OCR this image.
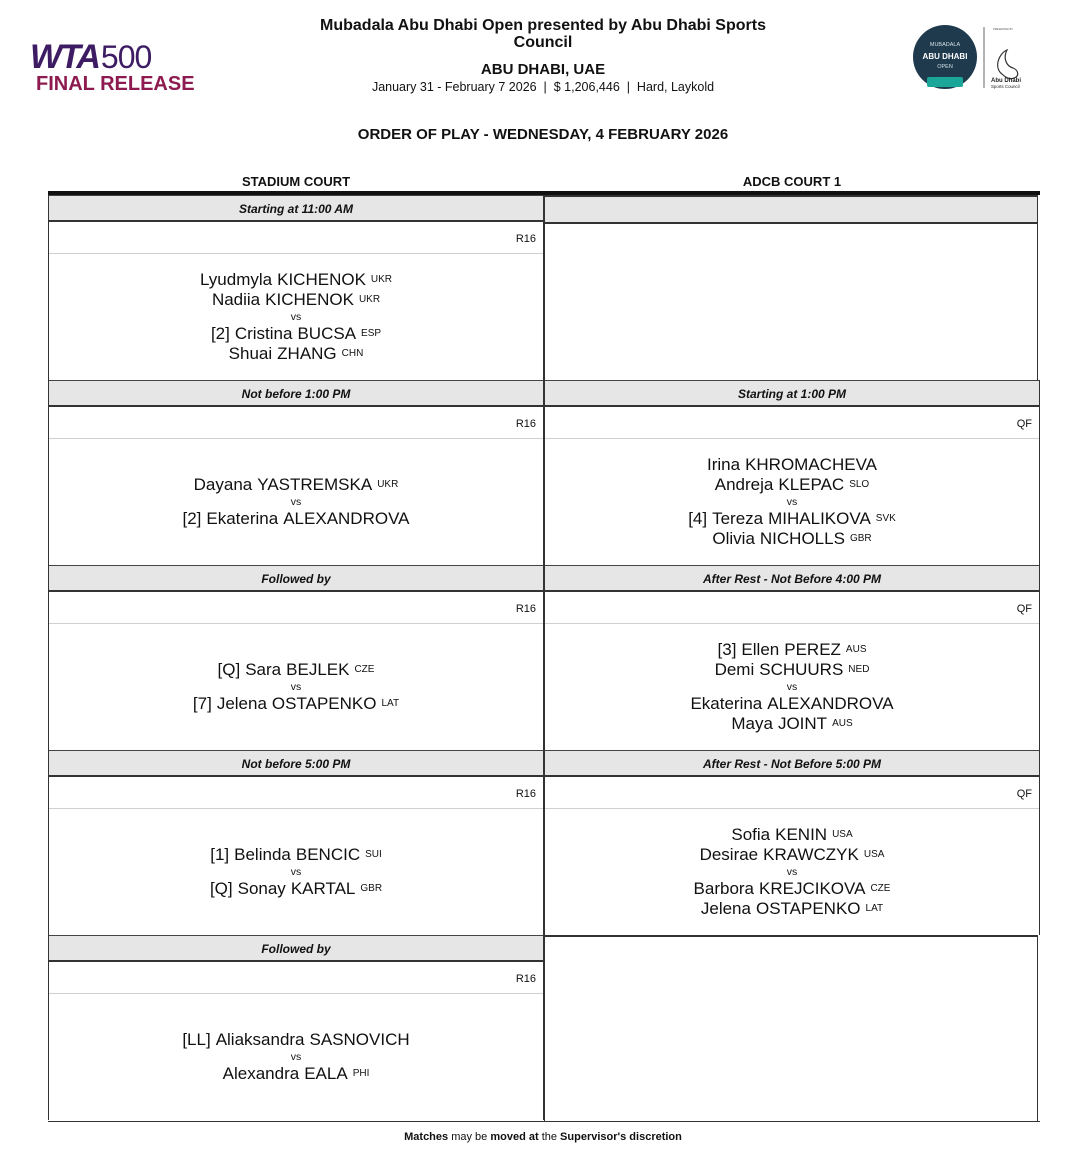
WTA 500
FINAL RELEASE
Mubadala Abu Dhabi Open presented by Abu Dhabi Sports Council
ABU DHABI, UAE
January 31 - February 7 2026  |  $ 1,206,446  |  Hard, Laykold
MUBADALA
ABU DHABI
OPEN
PRESENTED BY
Abu Dhabi
Sports Council
ORDER OF PLAY - WEDNESDAY, 4 FEBRUARY 2026
STADIUM COURT	ADCB COURT 1
Starting at 11:00 AM
R16
Lyudmyla KICHENOK UKR
Nadiia KICHENOK UKR
vs
[2] Cristina BUCSA ESP
Shuai ZHANG CHN
Not before 1:00 PM
R16
Dayana YASTREMSKA UKR
vs
[2] Ekaterina ALEXANDROVA
Followed by
R16
[Q] Sara BEJLEK CZE
vs
[7] Jelena OSTAPENKO LAT
Not before 5:00 PM
R16
[1] Belinda BENCIC SUI
vs
[Q] Sonay KARTAL GBR
Followed by
R16
[LL] Aliaksandra SASNOVICH
vs
Alexandra EALA PHI
Starting at 1:00 PM
QF
Irina KHROMACHEVA
Andreja KLEPAC SLO
vs
[4] Tereza MIHALIKOVA SVK
Olivia NICHOLLS GBR
After Rest - Not Before 4:00 PM
QF
[3] Ellen PEREZ AUS
Demi SCHUURS NED
vs
Ekaterina ALEXANDROVA
Maya JOINT AUS
After Rest - Not Before 5:00 PM
QF
Sofia KENIN USA
Desirae KRAWCZYK USA
vs
Barbora KREJCIKOVA CZE
Jelena OSTAPENKO LAT
Matches may be moved at the Supervisor's discretion
